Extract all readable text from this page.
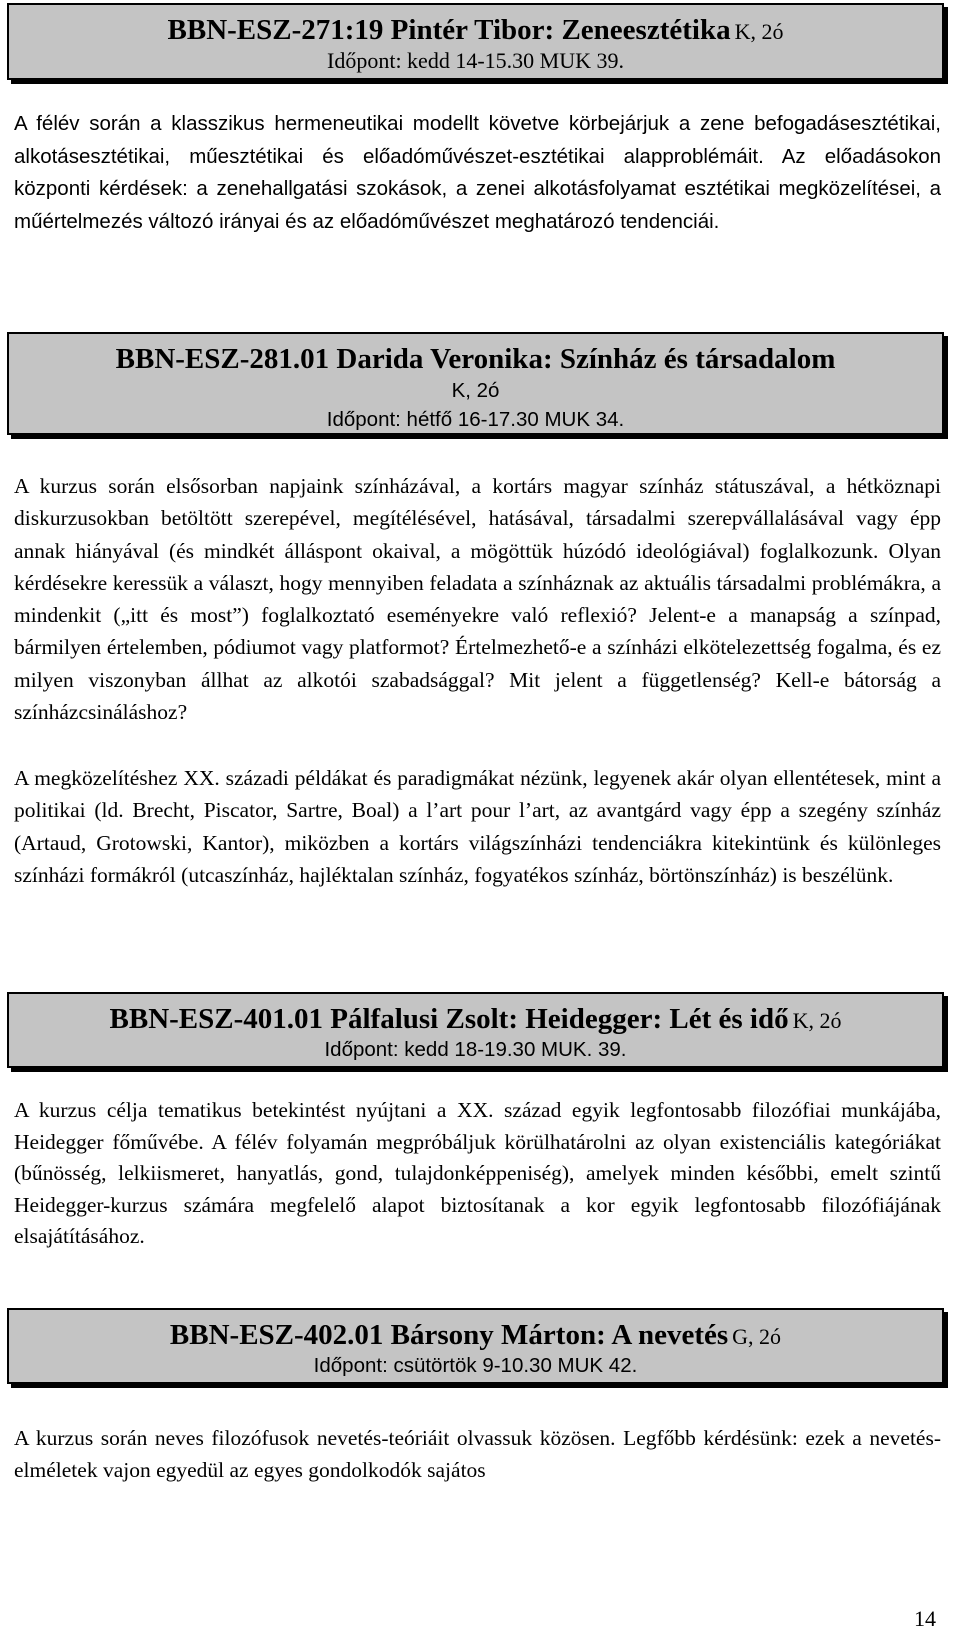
BBN-ESZ-271:19 Pintér Tibor: Zeneesztétika K, 2ó
Időpont: kedd 14-15.30 MUK 39.

A félév során a klasszikus hermeneutikai modellt követve körbejárjuk a zene befogadásesztétikai, alkotásesztétikai, műesztétikai és előadóművészet-esztétikai alapproblémáit. Az előadásokon központi kérdések: a zenehallgatási szokások, a zenei alkotásfolyamat esztétikai megközelítései, a műértelmezés változó irányai és az előadóművészet meghatározó tendenciái.

BBN-ESZ-281.01 Darida Veronika: Színház és társadalom
K, 2ó
Időpont: hétfő 16-17.30 MUK 34.

A kurzus során elsősorban napjaink színházával, a kortárs magyar színház státuszával, a hétköznapi diskurzusokban betöltött szerepével, megítélésével, hatásával, társadalmi szerepvállalásával vagy épp annak hiányával (és mindkét álláspont okaival, a mögöttük húzódó ideológiával) foglalkozunk. Olyan kérdésekre keressük a választ, hogy mennyiben feladata a színháznak az aktuális társadalmi problémákra, a mindenkit („itt és most”) foglalkoztató eseményekre való reflexió? Jelent-e a manapság a színpad, bármilyen értelemben, pódiumot vagy platformot? Értelmezhető-e a színházi elkötelezettség fogalma, és ez milyen viszonyban állhat az alkotói szabadsággal? Mit jelent a függetlenség? Kell-e bátorság a színházcsináláshoz?

A megközelítéshez XX. századi példákat és paradigmákat nézünk, legyenek akár olyan ellentétesek, mint a politikai (ld. Brecht, Piscator, Sartre, Boal) a l’art pour l’art, az avantgárd vagy épp a szegény színház (Artaud, Grotowski, Kantor), miközben a kortárs világszínházi tendenciákra kitekintünk és különleges színházi formákról (utcaszínház, hajléktalan színház, fogyatékos színház, börtönszínház) is beszélünk.

BBN-ESZ-401.01 Pálfalusi Zsolt: Heidegger: Lét és idő K, 2ó
Időpont: kedd 18-19.30 MUK. 39.

A kurzus célja tematikus betekintést nyújtani a XX. század egyik legfontosabb filozófiai munkájába, Heidegger főművébe. A félév folyamán megpróbáljuk körülhatárolni az olyan existenciális kategóriákat (bűnösség, lelkiismeret, hanyatlás, gond, tulajdonképpeniség), amelyek minden későbbi, emelt szintű Heidegger-kurzus számára megfelelő alapot biztosítanak a kor egyik legfontosabb filozófiájának elsajátításához.

BBN-ESZ-402.01 Bársony Márton: A nevetés G, 2ó
Időpont: csütörtök 9-10.30 MUK 42.

A kurzus során neves filozófusok nevetés-teóriáit olvassuk közösen. Legfőbb kérdésünk: ezek a nevetés-elméletek vajon egyedül az egyes gondolkodók sajátos

14
